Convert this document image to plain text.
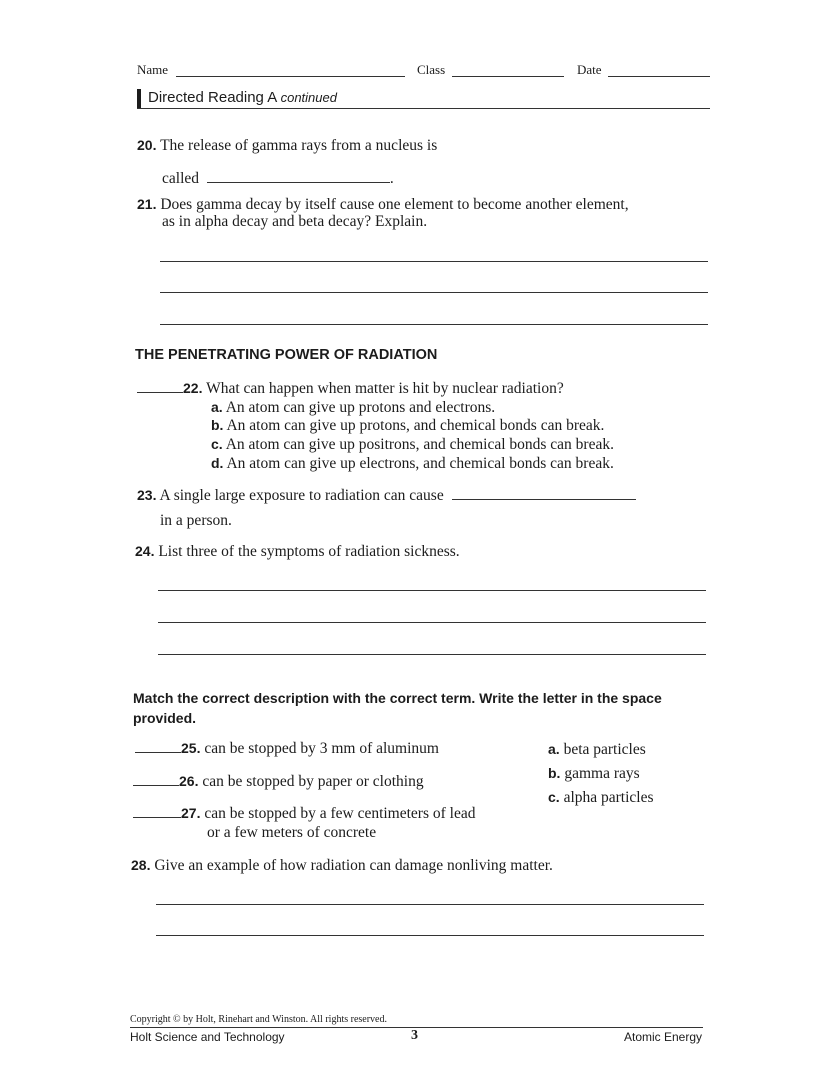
Name	Class	Date
Directed Reading A continued
20. The release of gamma rays from a nucleus is
called	.
21. Does gamma decay by itself cause one element to become another element,
as in alpha decay and beta decay? Explain.
THE PENETRATING POWER OF RADIATION
22. What can happen when matter is hit by nuclear radiation?
a. An atom can give up protons and electrons.
b. An atom can give up protons, and chemical bonds can break.
c. An atom can give up positrons, and chemical bonds can break.
d. An atom can give up electrons, and chemical bonds can break.
23. A single large exposure to radiation can cause
in a person.
24. List three of the symptoms of radiation sickness.
Match the correct description with the correct term. Write the letter in the space provided.
25. can be stopped by 3 mm of aluminum
26. can be stopped by paper or clothing
27. can be stopped by a few centimeters of lead
or a few meters of concrete
a. beta particles
b. gamma rays
c. alpha particles
28. Give an example of how radiation can damage nonliving matter.
Copyright © by Holt, Rinehart and Winston. All rights reserved.
Holt Science and Technology	3	Atomic Energy
